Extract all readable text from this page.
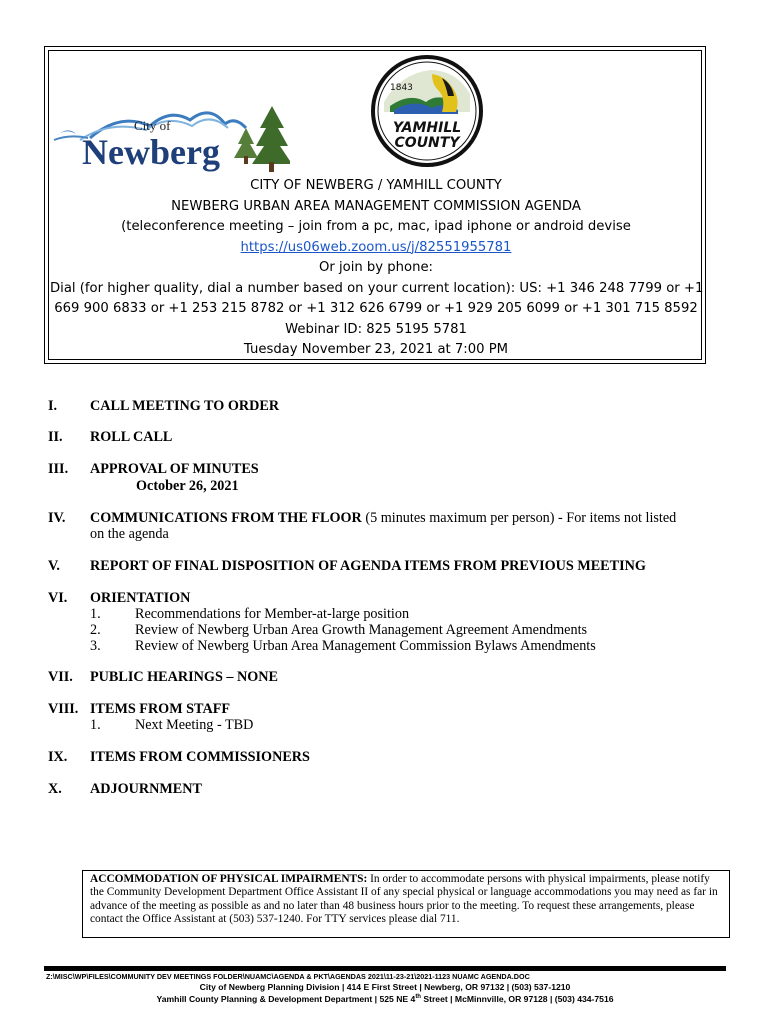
City of
Newberg
1843
YAMHILL
COUNTY
CITY OF NEWBERG / YAMHILL COUNTY
NEWBERG URBAN AREA MANAGEMENT COMMISSION AGENDA
(teleconference meeting – join from a pc, mac, ipad iphone or android devise
https://us06web.zoom.us/j/82551955781
Or join by phone:
Dial (for higher quality, dial a number based on your current location): US: +1 346 248 7799 or +1
669 900 6833 or +1 253 215 8782 or +1 312 626 6799 or +1 929 205 6099 or +1 301 715 8592
Webinar ID: 825 5195 5781
Tuesday November 23, 2021 at 7:00 PM
I. CALL MEETING TO ORDER
II. ROLL CALL
III. APPROVAL OF MINUTES
October 26, 2021
IV. COMMUNICATIONS FROM THE FLOOR (5 minutes maximum per person) - For items not listed
on the agenda
V. REPORT OF FINAL DISPOSITION OF AGENDA ITEMS FROM PREVIOUS MEETING
VI. ORIENTATION
1. Recommendations for Member-at-large position
2. Review of Newberg Urban Area Growth Management Agreement Amendments
3. Review of Newberg Urban Area Management Commission Bylaws Amendments
VII. PUBLIC HEARINGS – NONE
VIII. ITEMS FROM STAFF
1. Next Meeting - TBD
IX. ITEMS FROM COMMISSIONERS
X. ADJOURNMENT
ACCOMMODATION OF PHYSICAL IMPAIRMENTS: In order to accommodate persons with physical impairments, please notify the Community Development Department Office Assistant II of any special physical or language accommodations you may need as far in advance of the meeting as possible as and no later than 48 business hours prior to the meeting. To request these arrangements, please contact the Office Assistant at (503) 537-1240. For TTY services please dial 711.
Z:\MISC\WP\FILES\COMMUNITY DEV MEETINGS FOLDER\NUAMC\AGENDA & PKT\AGENDAS 2021\11-23-21\2021-1123 NUAMC AGENDA.DOC
City of Newberg Planning Division | 414 E First Street | Newberg, OR 97132 | (503) 537-1210
Yamhill County Planning & Development Department | 525 NE 4th Street | McMinnville, OR 97128 | (503) 434-7516
